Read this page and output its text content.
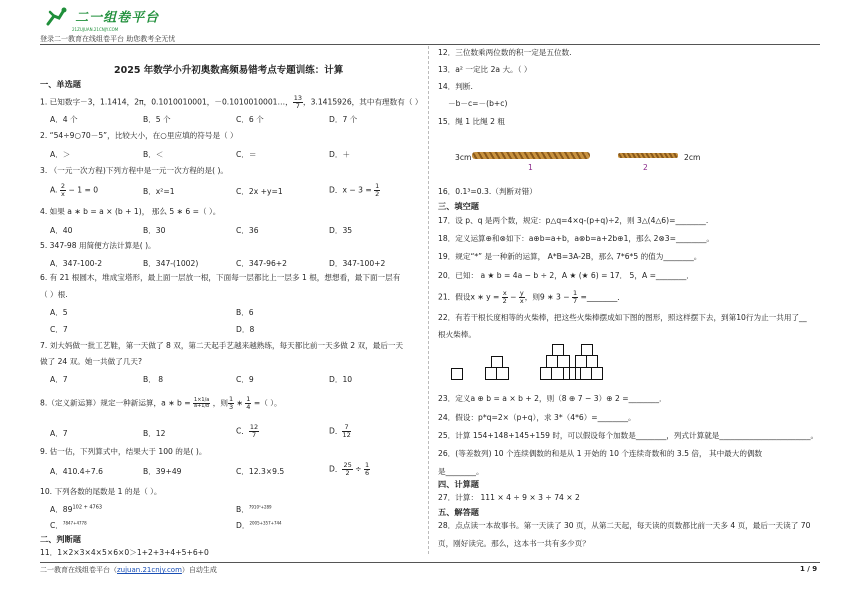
二一组卷平台
21ZUJUAN.21CNJY.COM
登录二一教育在线组卷平台 助您教考全无忧
2025 年数学小升初奥数高频易错考点专题训练：计算
一、单选题
1. 已知数字－3，1.1414，2π，0.1010010001，－0.1010010001…， $\frac{13}{7}$ ，3.1415926，其中有理数有（ ）
A．4 个	B．5 个	C．6 个	D．7 个
2. “54÷9○70－5”，比较大小，在○里应填的符号是（ ）
A．＞	B．＜	C．＝	D．＋
3. （一元一次方程)下列方程中是一元一次方程的是( )。
A. $\frac{2}{x} - 1 = 0$	B．x²=1	C．2x +y=1	D．$x - 3 = \frac{1}{2}$
4. 如果 a ∗ b = a × (b + 1)， 那么 5 ∗ 6 =（ ）。
A．40	B．30	C．36	D．35
5. 347-98 用简便方法计算是( )。
A．347-100-2	B．347-(1002)	C．347-96+2	D．347-100+2
6. 有 21 根圆木，堆成宝塔形，最上面一层放一根，下面每一层都比上一层多 1 根，想想看，最下面一层有
（ ）根.
A．5	B．6
C．7	D．8
7. 刘大妈做一批工艺鞋，第一天做了 8 双，第二天起手艺越来越熟练，每天都比前一天多做 2 双，最后一天
做了 24 双。她一共做了几天?
A．7	B． 8	C．9	D．10
8.（定义新运算）规定一种新运算，a ∗ $b = \frac{1\times 1/a}{a+1/b}$ ，则 $\frac{1}{3}$ ∗ $\frac{1}{4}$ =（ ）。
A．7	B．12	C． $\frac{12}{7}$	D． $\frac{7}{12}$
9. 估一估，下列算式中，结果大于 100 的是( )。
A．410.4÷7.6	B．39+49	C．12.3×9.5	D． $\frac{25}{2} \div \frac{1}{6}$
10. 下列各数的尾数是 1 的是（ ）。
A．$89^{102 + 4763}$	B．$^{7910^3+289}$
C．$^{7847+4778}$	D．$^{2005+357+744}$
二、判断题
11．1×2×3×4×5×6×0＞1+2+3+4+5+6+0
12．三位数乘两位数的积一定是五位数.
13．a² 一定比 2a 大。（ ）
14．判断.
－b－c=－(b+c)
15．绳 1 比绳 2 粗
3cm
1
2cm
2
16．0.1³=0.3.（判断对错）
三、填空题
17．设 p、q 是两个数，规定：p△q=4×q-(p+q)÷2，则 3△(4△6)=________.
18．定义运算⊕和⊗如下：a⊕b=a+b，a⊗b=a+2b⊕1，那么 2⊗3=________。
19．规定“*” 是一种新的运算， A*B=3A-2B，那么 7*6*5 的值为________。
20．已知： a ★ b = 4a − b ÷ 2，A ★ (★ 6) = 17． 5，A =________．
21．假设x ∗ $y = \frac{x}{2} - \frac{y}{x}$ ，则9 ∗ $3 - \frac{1}{7}$ =________．
22．有若干根长度相等的火柴棒，把这些火柴棒摆成如下图的图形，照这样摆下去，到第10行为止一共用了__
根火柴棒。
23．定义a ⊕ b = a × b + 2，则（8 ⊕ 7 − 3）⊕ 2 =________．
24．假设：p*q=2×（p+q），求 3*（4*6）=________。
25．计算 154+148+145+159 时，可以假设每个加数是________，列式计算就是________________________。
26．(等差数列) 10 个连续偶数的和是从 1 开始的 10 个连续奇数和的 3.5 倍， 其中最大的偶数
是________。
四、计算题
27．计算： 111 × 4 ÷ 9 × 3 ÷ 74 × 2
五、解答题
28．点点读一本故事书。第一天读了 30 页，从第二天起，每天读的页数都比前一天多 4 页，最后一天读了 70
页，刚好读完。那么，这本书一共有多少页？
二一教育在线组卷平台（zujuan.21cnjy.com）自动生成	1 / 9
